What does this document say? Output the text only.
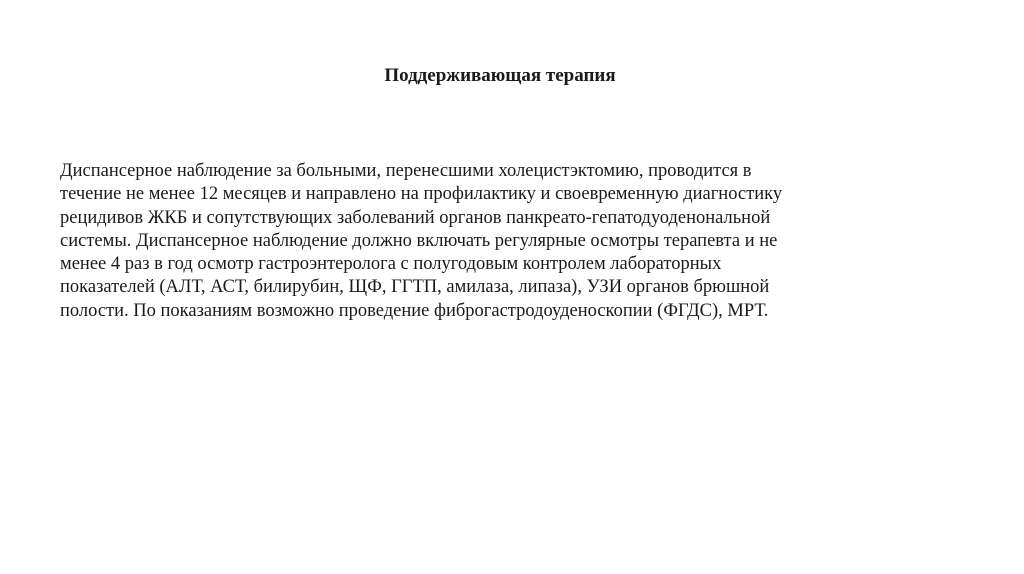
Поддерживающая терапия
Диспансерное наблюдение за больными, перенесшими холецистэктомию, проводится в
течение не менее 12 месяцев и направлено на профилактику и своевременную диагностику
рецидивов ЖКБ и сопутствующих заболеваний органов панкреато-гепатодуоденональной
системы. Диспансерное наблюдение должно включать регулярные осмотры терапевта и не
менее 4 раз в год осмотр гастроэнтеролога с полугодовым контролем лабораторных
показателей (АЛТ, АСТ, билирубин, ЩФ, ГГТП, амилаза, липаза), УЗИ органов брюшной
полости. По показаниям возможно проведение фиброгастродоуденоскопии (ФГДС), МРТ.
